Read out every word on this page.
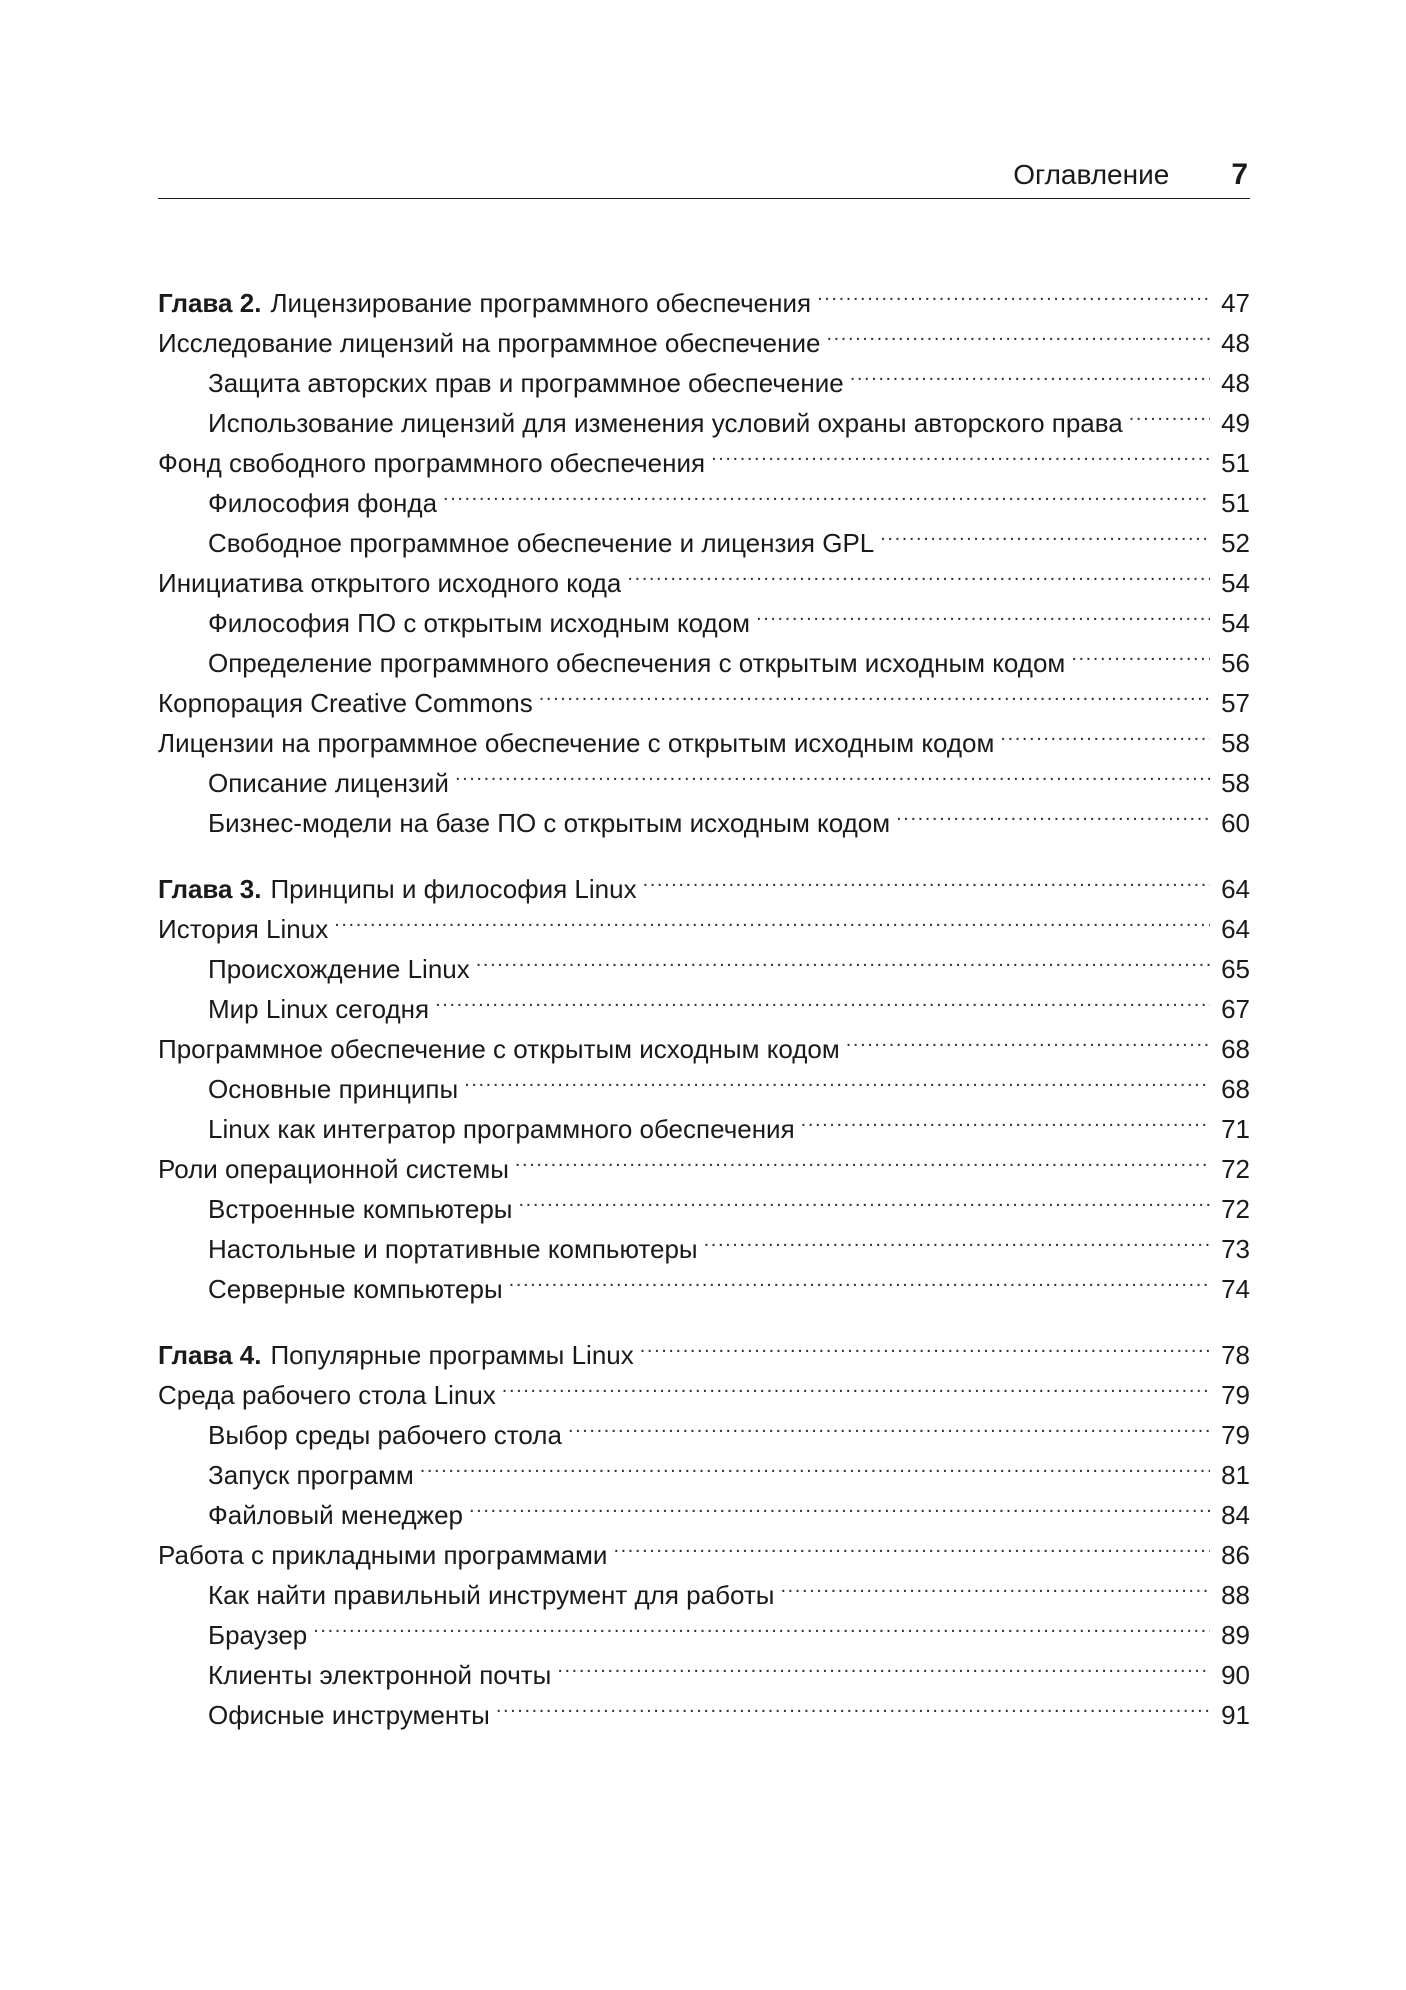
Оглавление 7
Глава 2. Лицензирование программного обеспечения .....	47
Исследование лицензий на программное обеспечение .....	48
Защита авторских прав и программное обеспечение .....	48
Использование лицензий для изменения условий охраны авторского права .....	49
Фонд свободного программного обеспечения .....	51
Философия фонда .....	51
Свободное программное обеспечение и лицензия GPL .....	52
Инициатива открытого исходного кода .....	54
Философия ПО с открытым исходным кодом .....	54
Определение программного обеспечения с открытым исходным кодом .....	56
Корпорация Creative Commons .....	57
Лицензии на программное обеспечение с открытым исходным кодом .....	58
Описание лицензий .....	58
Бизнес-модели на базе ПО с открытым исходным кодом .....	60
Глава 3. Принципы и философия Linux .....	64
История Linux .....	64
Происхождение Linux .....	65
Мир Linux сегодня .....	67
Программное обеспечение с открытым исходным кодом .....	68
Основные принципы .....	68
Linux как интегратор программного обеспечения .....	71
Роли операционной системы .....	72
Встроенные компьютеры .....	72
Настольные и портативные компьютеры .....	73
Серверные компьютеры .....	74
Глава 4. Популярные программы Linux .....	78
Среда рабочего стола Linux .....	79
Выбор среды рабочего стола .....	79
Запуск программ .....	81
Файловый менеджер .....	84
Работа с прикладными программами .....	86
Как найти правильный инструмент для работы .....	88
Браузер .....	89
Клиенты электронной почты .....	90
Офисные инструменты .....	91
